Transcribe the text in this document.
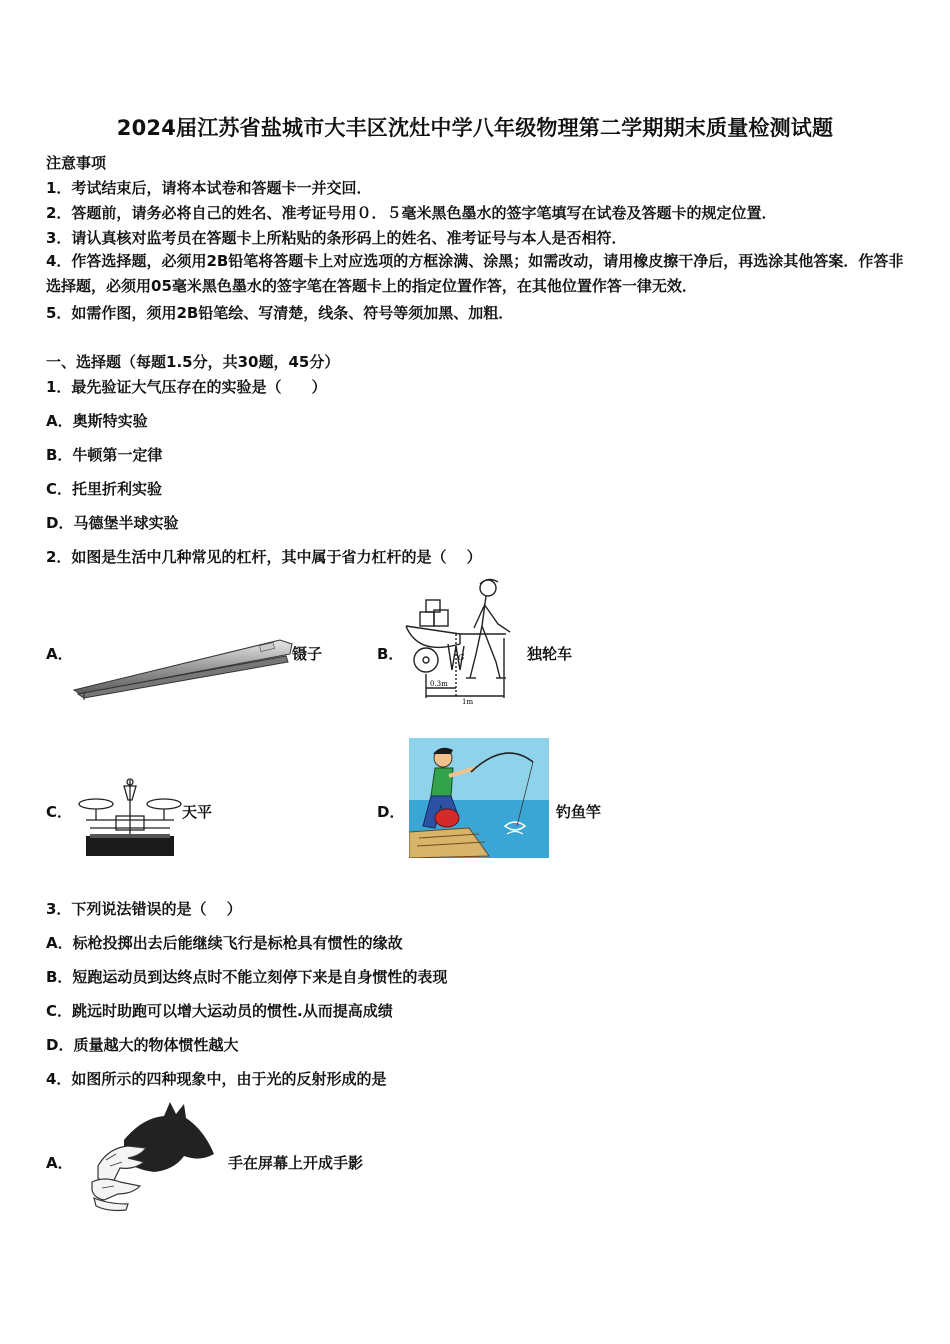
2024届江苏省盐城市大丰区沈灶中学八年级物理第二学期期末质量检测试题
注意事项
1．考试结束后，请将本试卷和答题卡一并交回．
2．答题前，请务必将自己的姓名、准考证号用０．５毫米黑色墨水的签字笔填写在试卷及答题卡的规定位置．
3．请认真核对监考员在答题卡上所粘贴的条形码上的姓名、准考证号与本人是否相符．
4．作答选择题，必须用2B铅笔将答题卡上对应选项的方框涂满、涂黑；如需改动，请用橡皮擦干净后，再选涂其他答案．作答非选择题，必须用05毫米黑色墨水的签字笔在答题卡上的指定位置作答，在其他位置作答一律无效．
5．如需作图，须用2B铅笔绘、写清楚，线条、符号等须加黑、加粗．
一、选择题（每题1.5分，共30题，45分）
1．最先验证大气压存在的实验是（　　）
A．奥斯特实验
B．牛顿第一定律
C．托里折利实验
D．马德堡半球实验
2．如图是生活中几种常见的杠杆，其中属于省力杠杆的是（　 ）
A．	镊子	B．	G
0.3m
1m
独轮车
C．	天平	D．	钓鱼竿
3．下列说法错误的是（　 ）
A．标枪投掷出去后能继续飞行是标枪具有惯性的缘故
B．短跑运动员到达终点时不能立刻停下来是自身惯性的表现
C．跳远时助跑可以增大运动员的惯性.从而提高成绩
D．质量越大的物体惯性越大
4．如图所示的四种现象中，由于光的反射形成的是
A．	手在屏幕上开成手影
